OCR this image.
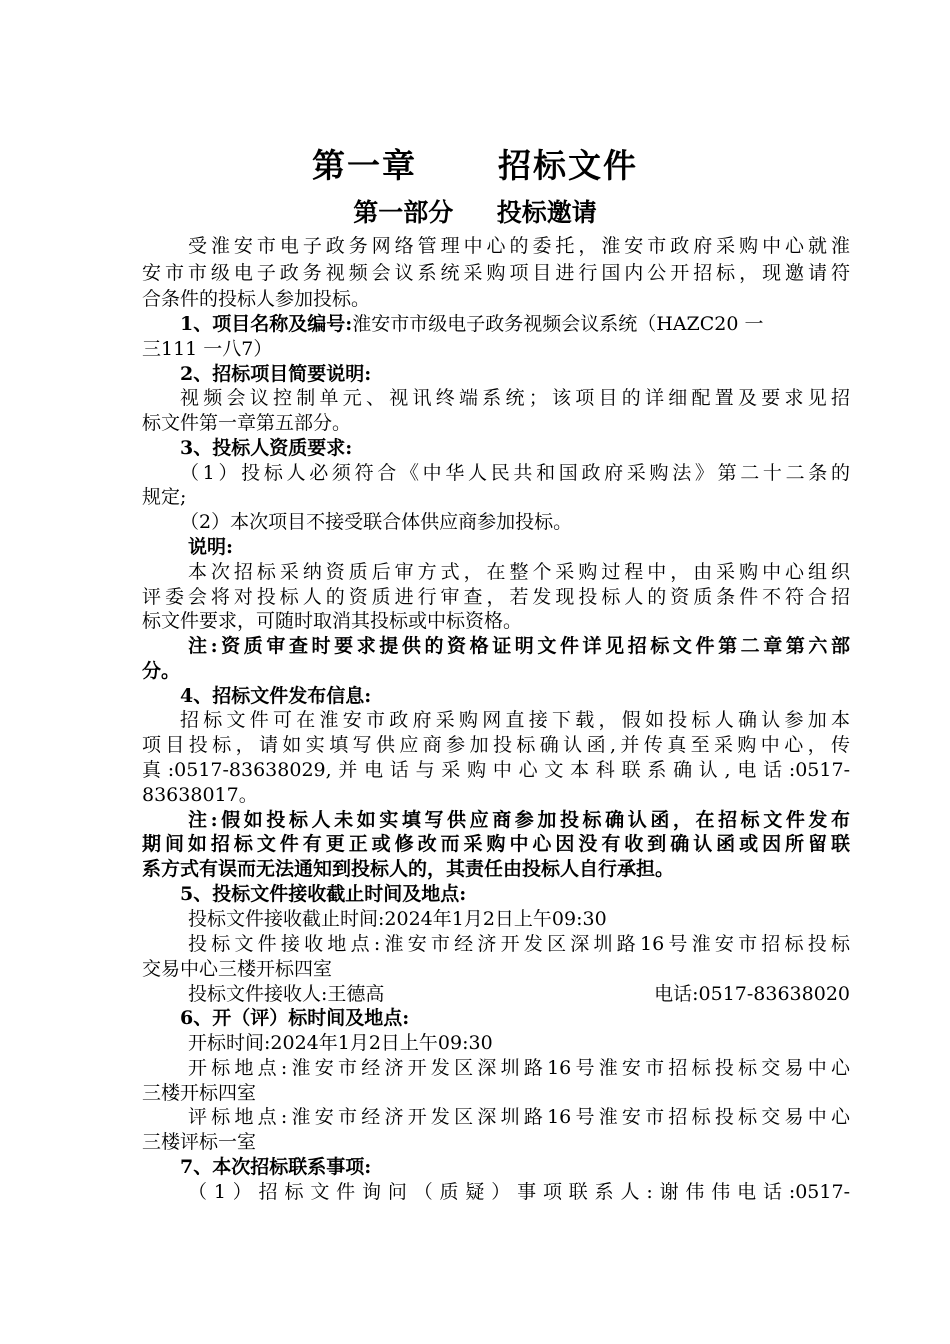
第一章      招标文件
第一部分     投标邀请
受淮安市电子政务网络管理中心的委托，淮安市政府采购中心就淮
安市市级电子政务视频会议系统采购项目进行国内公开招标，现邀请符
合条件的投标人参加投标。
1、项目名称及编号:淮安市市级电子政务视频会议系统（HAZC20 一
三111 一八7）
2、招标项目简要说明:
视频会议控制单元、视讯终端系统；该项目的详细配置及要求见招
标文件第一章第五部分。
3、投标人资质要求:
（1）投标人必须符合《中华人民共和国政府采购法》第二十二条的
规定;
（2）本次项目不接受联合体供应商参加投标。
说明:
本次招标采纳资质后审方式，在整个采购过程中，由采购中心组织
评委会将对投标人的资质进行审查，若发现投标人的资质条件不符合招
标文件要求，可随时取消其投标或中标资格。
注:资质审查时要求提供的资格证明文件详见招标文件第二章第六部
分。
4、招标文件发布信息:
招标文件可在淮安市政府采购网直接下载，假如投标人确认参加本
项目投标，请如实填写供应商参加投标确认函,并传真至采购中心，传
真:0517-83638029,并电话与采购中心文本科联系确认,电话:0517-
83638017。
注:假如投标人未如实填写供应商参加投标确认函，在招标文件发布
期间如招标文件有更正或修改而采购中心因没有收到确认函或因所留联
系方式有误而无法通知到投标人的，其责任由投标人自行承担。
5、投标文件接收截止时间及地点:
投标文件接收截止时间:2024年1月2日上午09:30
投标文件接收地点:淮安市经济开发区深圳路16号淮安市招标投标
交易中心三楼开标四室
投标文件接收人:王德高	电话:0517-83638020
6、开（评）标时间及地点:
开标时间:2024年1月2日上午09:30
开标地点:淮安市经济开发区深圳路16号淮安市招标投标交易中心
三楼开标四室
评标地点:淮安市经济开发区深圳路16号淮安市招标投标交易中心
三楼评标一室
7、本次招标联系事项:
（1）招标文件询问（质疑）事项联系人:谢伟伟电话:0517-
